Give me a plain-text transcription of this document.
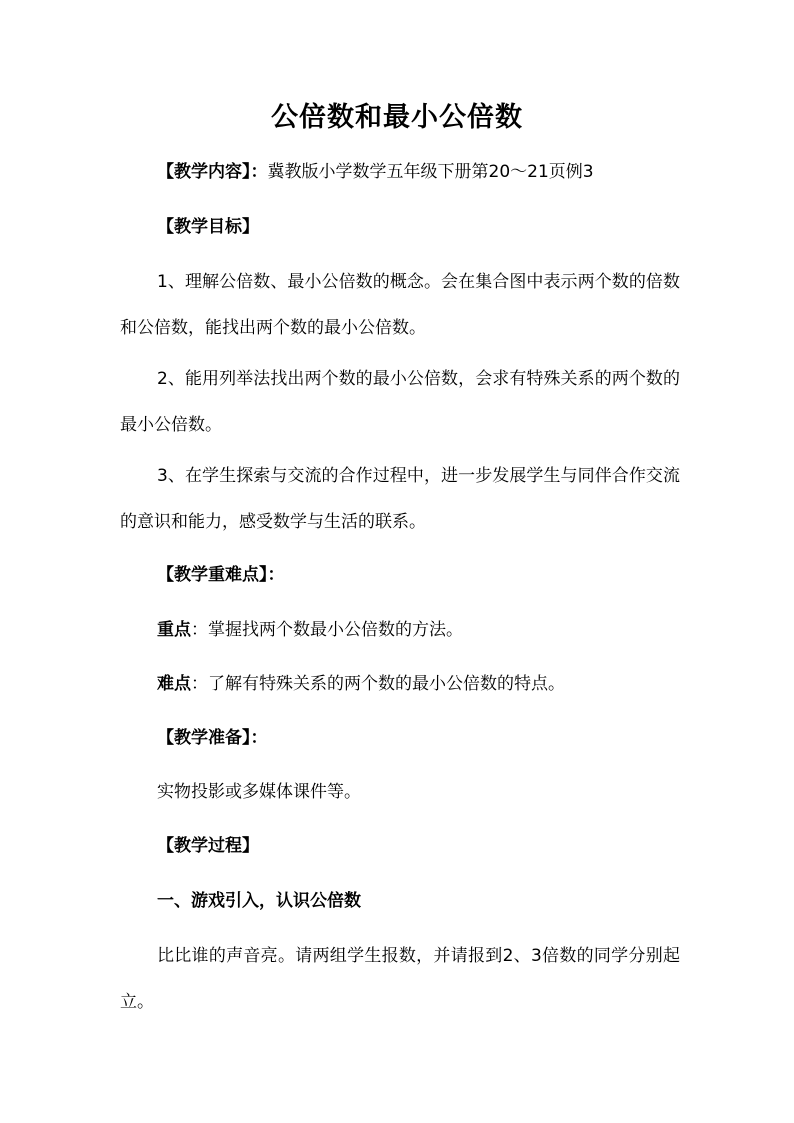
公倍数和最小公倍数
【教学内容】：冀教版小学数学五年级下册第20～21页例3
【教学目标】
1、理解公倍数、最小公倍数的概念。会在集合图中表示两个数的倍数和公倍数，能找出两个数的最小公倍数。
2、能用列举法找出两个数的最小公倍数，会求有特殊关系的两个数的最小公倍数。
3、在学生探索与交流的合作过程中，进一步发展学生与同伴合作交流的意识和能力，感受数学与生活的联系。
【教学重难点】：
重点：掌握找两个数最小公倍数的方法。
难点：了解有特殊关系的两个数的最小公倍数的特点。
【教学准备】：
实物投影或多媒体课件等。
【教学过程】
一、游戏引入，认识公倍数
比比谁的声音亮。请两组学生报数，并请报到2、3倍数的同学分别起立。
